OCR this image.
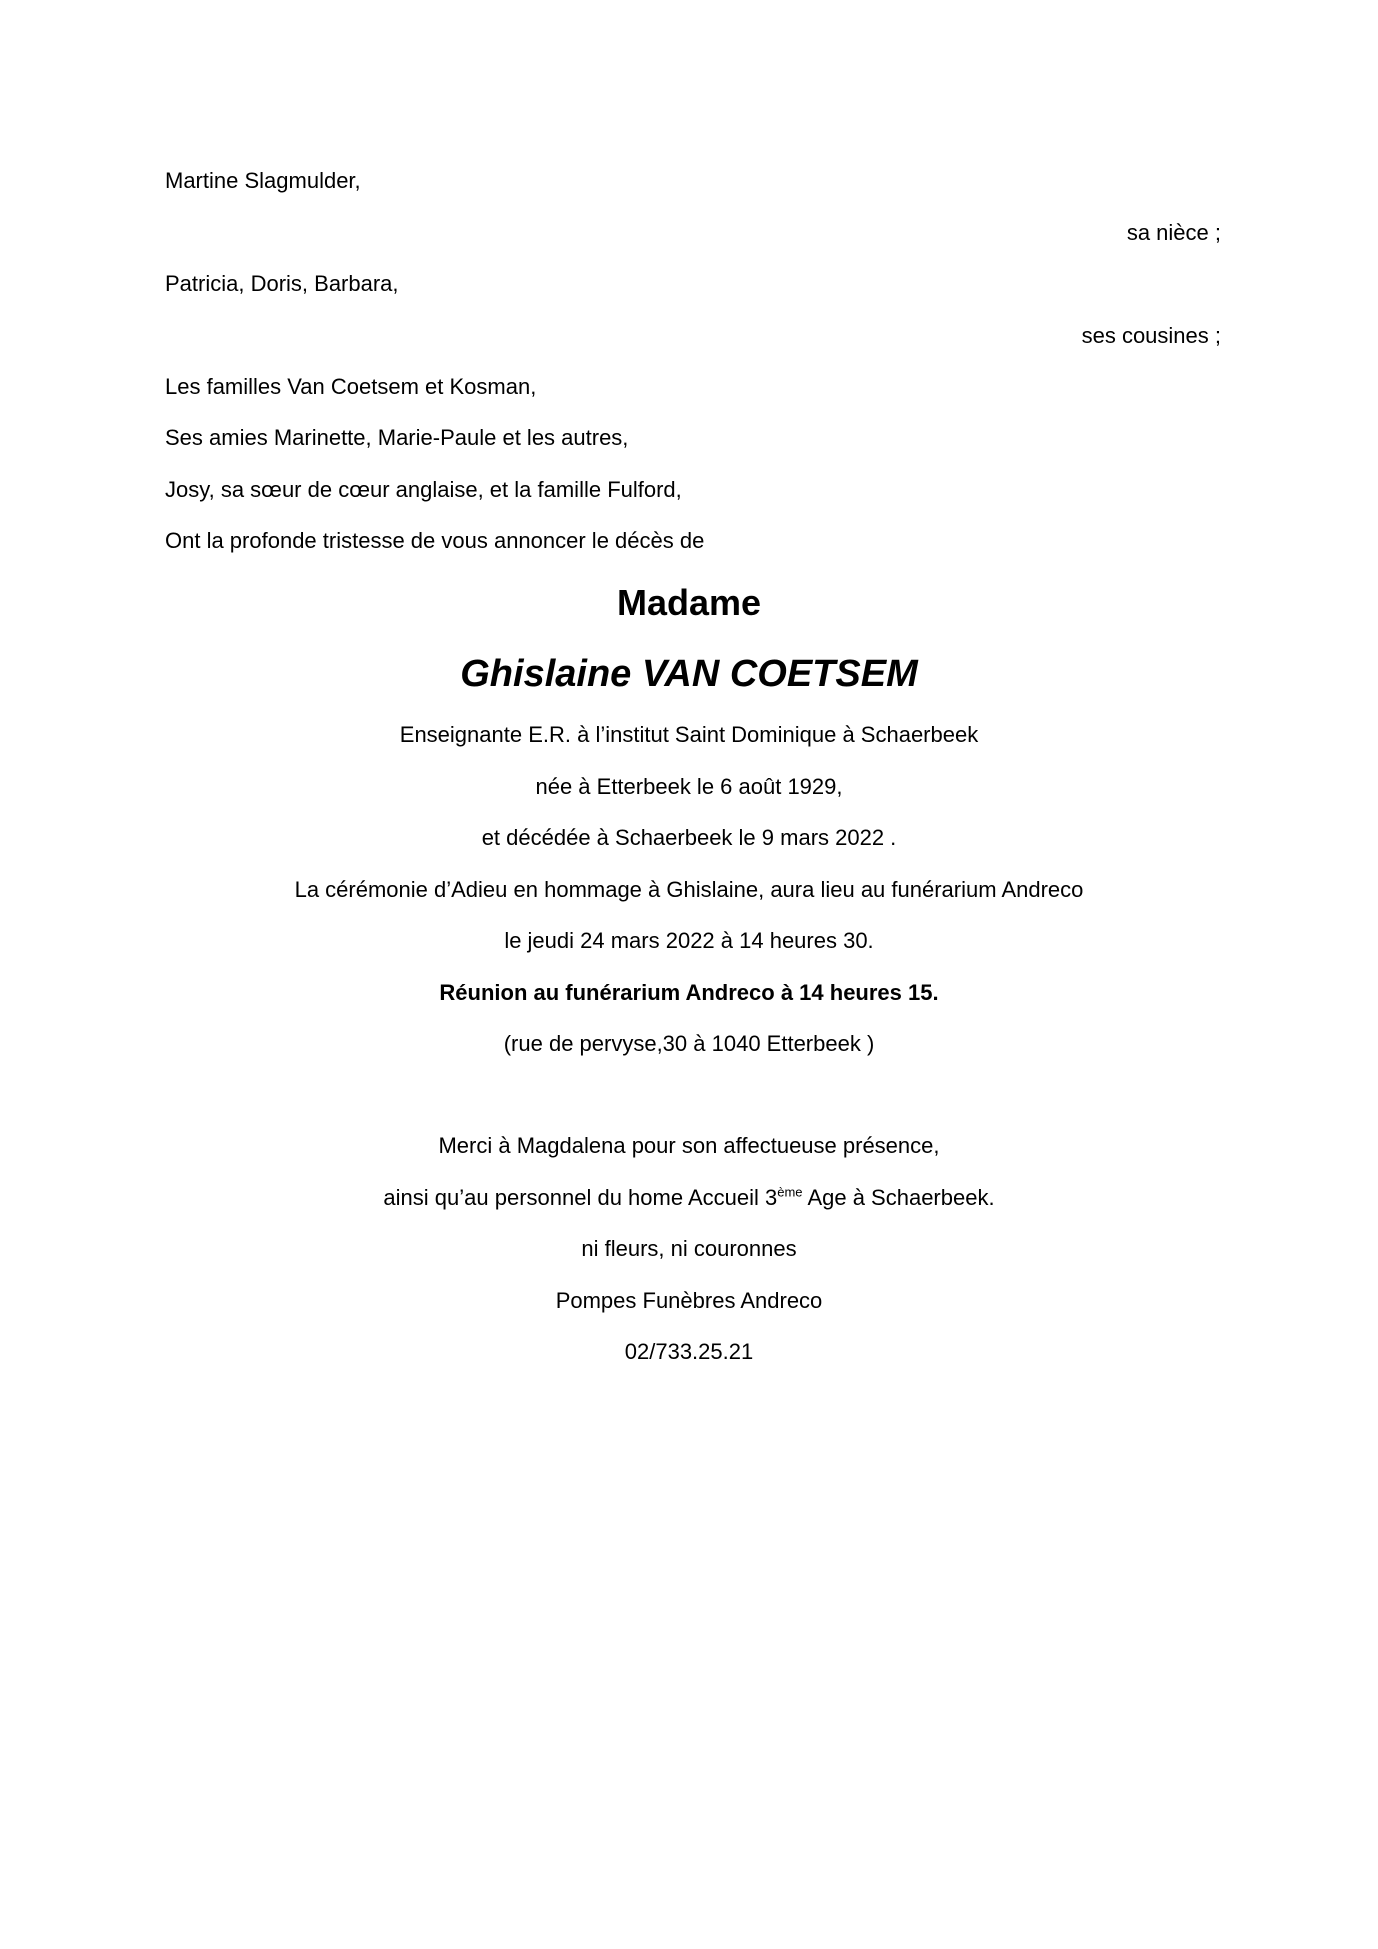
Martine Slagmulder,
sa nièce ;
Patricia, Doris, Barbara,
ses cousines ;
Les familles Van Coetsem et Kosman,
Ses amies Marinette, Marie-Paule et les autres,
Josy, sa sœur de cœur anglaise, et la famille Fulford,
Ont la profonde tristesse de vous annoncer le décès de
Madame
Ghislaine VAN COETSEM
Enseignante E.R. à l’institut Saint Dominique à Schaerbeek
née à Etterbeek le 6 août 1929,
et décédée à Schaerbeek le 9 mars 2022 .
La cérémonie d’Adieu en hommage à Ghislaine, aura lieu au funérarium Andreco
le jeudi 24 mars 2022 à 14 heures 30.
Réunion au funérarium Andreco à 14 heures 15.
(rue de pervyse,30 à 1040 Etterbeek )
Merci à Magdalena pour son affectueuse présence,
ainsi qu’au personnel du home Accueil 3ème Age à Schaerbeek.
ni fleurs, ni couronnes
Pompes Funèbres Andreco
02/733.25.21
